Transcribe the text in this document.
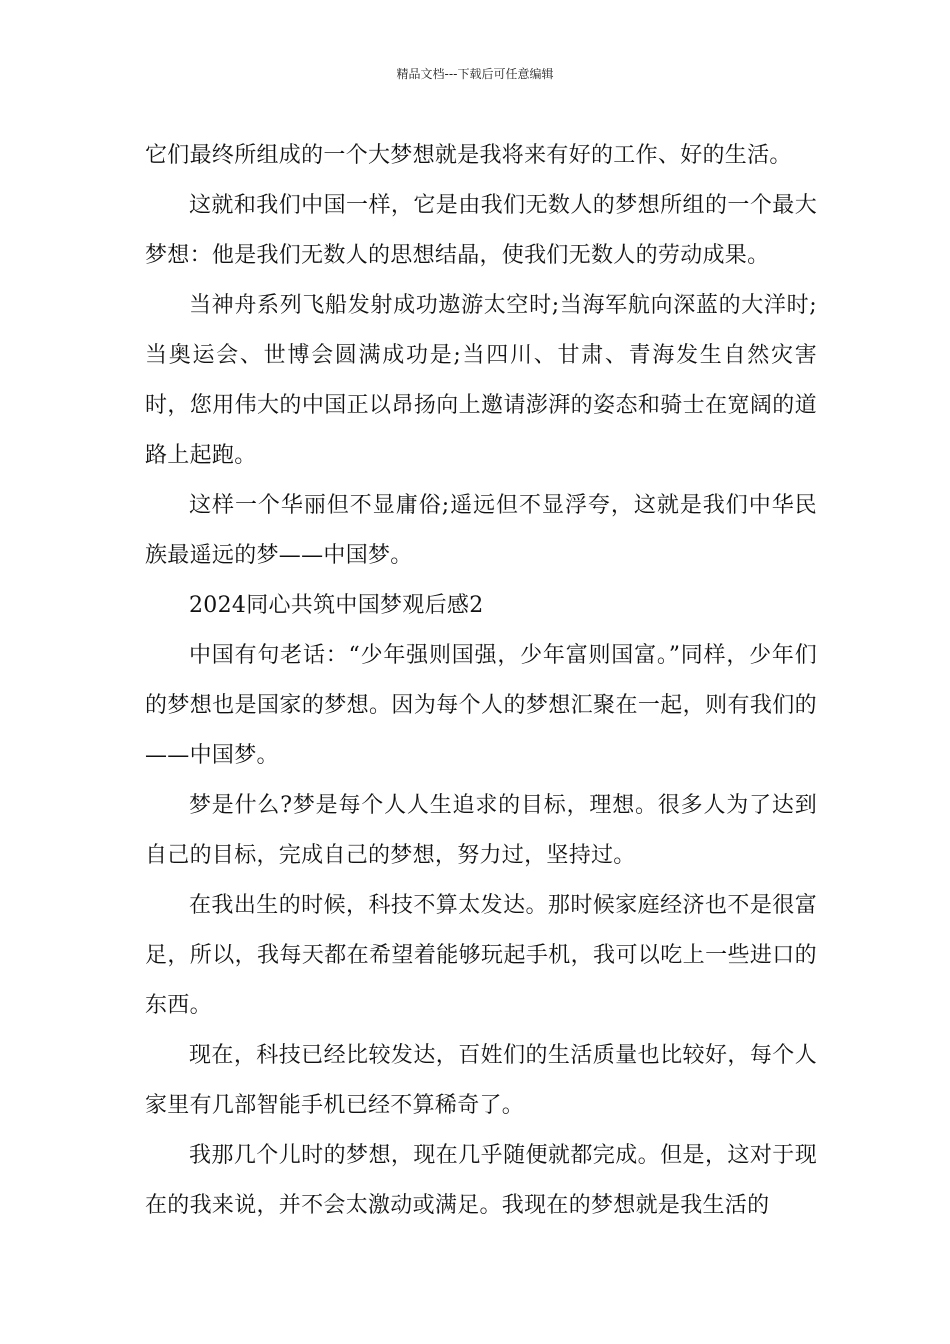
精品文档---下载后可任意编辑

它们最终所组成的一个大梦想就是我将来有好的工作、好的生活。

这就和我们中国一样，它是由我们无数人的梦想所组的一个最大梦想：他是我们无数人的思想结晶，使我们无数人的劳动成果。

当神舟系列飞船发射成功遨游太空时;当海军航向深蓝的大洋时;当奥运会、世博会圆满成功是;当四川、甘肃、青海发生自然灾害时，您用伟大的中国正以昂扬向上邀请澎湃的姿态和骑士在宽阔的道路上起跑。

这样一个华丽但不显庸俗;遥远但不显浮夸，这就是我们中华民族最遥远的梦——中国梦。

2024同心共筑中国梦观后感2

中国有句老话：“少年强则国强，少年富则国富。”同样，少年们的梦想也是国家的梦想。因为每个人的梦想汇聚在一起，则有我们的——中国梦。

梦是什么?梦是每个人人生追求的目标，理想。很多人为了达到自己的目标，完成自己的梦想，努力过，坚持过。

在我出生的时候，科技不算太发达。那时候家庭经济也不是很富足，所以，我每天都在希望着能够玩起手机，我可以吃上一些进口的东西。

现在，科技已经比较发达，百姓们的生活质量也比较好，每个人家里有几部智能手机已经不算稀奇了。

我那几个儿时的梦想，现在几乎随便就都完成。但是，这对于现在的我来说，并不会太激动或满足。我现在的梦想就是我生活的
